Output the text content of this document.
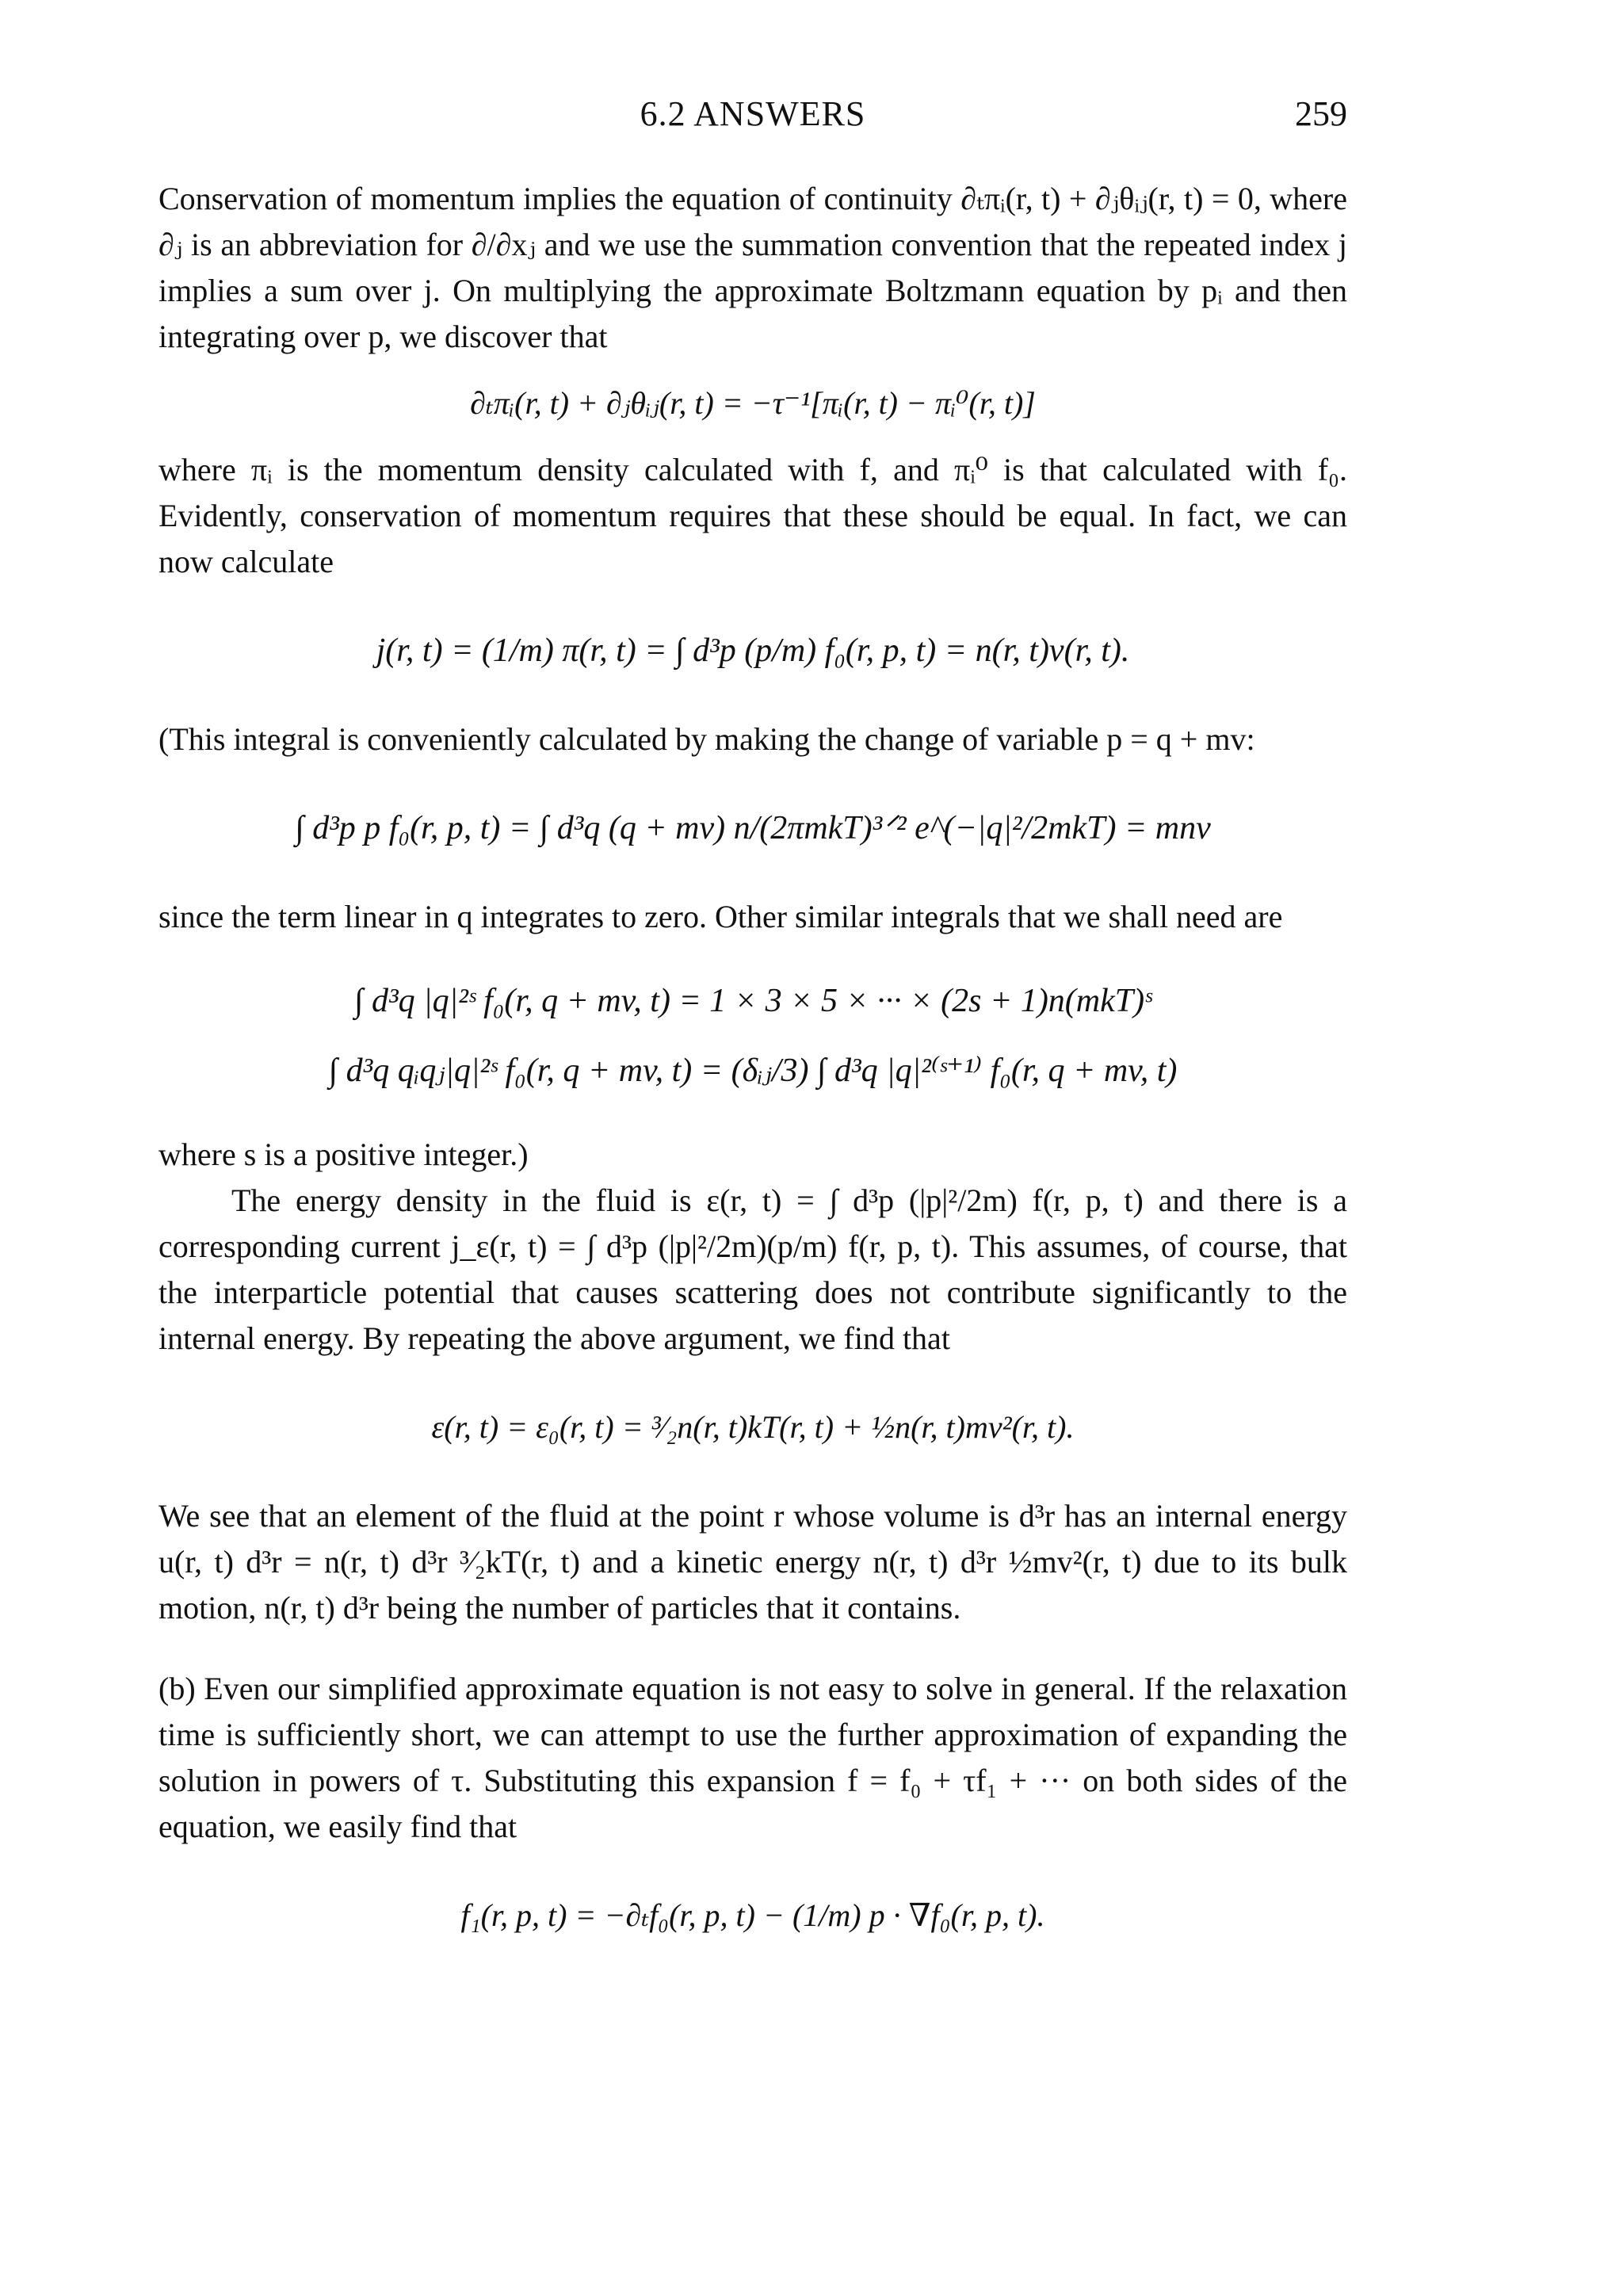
6.2 ANSWERS	259

Conservation of momentum implies the equation of continuity ∂ₜπᵢ(r, t) + ∂ⱼθᵢⱼ(r, t) = 0, where ∂ⱼ is an abbreviation for ∂/∂xⱼ and we use the summation convention that the repeated index j implies a sum over j. On multiplying the approximate Boltzmann equation by pᵢ and then integrating over p, we discover that

∂ₜπᵢ(r, t) + ∂ⱼθᵢⱼ(r, t) = −τ⁻¹[πᵢ(r, t) − πᵢ⁰(r, t)]

where πᵢ is the momentum density calculated with f, and πᵢ⁰ is that calculated with f₀. Evidently, conservation of momentum requires that these should be equal. In fact, we can now calculate

j(r, t) = (1/m) π(r, t) = ∫ d³p (p/m) f₀(r, p, t) = n(r, t)v(r, t).

(This integral is conveniently calculated by making the change of variable p = q + mv:

∫ d³p p f₀(r, p, t) = ∫ d³q (q + mv) n/(2πmkT)³ᐟ² e^(−|q|²/2mkT) = mnv

since the term linear in q integrates to zero. Other similar integrals that we shall need are

∫ d³q |q|²ˢ f₀(r, q + mv, t) = 1 × 3 × 5 × ··· × (2s + 1)n(mkT)ˢ
∫ d³q qᵢqⱼ|q|²ˢ f₀(r, q + mv, t) = (δᵢⱼ/3) ∫ d³q |q|²⁽ˢ⁺¹⁾ f₀(r, q + mv, t)

where s is a positive integer.)

The energy density in the fluid is ε(r, t) = ∫ d³p (|p|²/2m) f(r, p, t) and there is a corresponding current j_ε(r, t) = ∫ d³p (|p|²/2m)(p/m) f(r, p, t). This assumes, of course, that the interparticle potential that causes scattering does not contribute significantly to the internal energy. By repeating the above argument, we find that

ε(r, t) = ε₀(r, t) = ³⁄₂n(r, t)kT(r, t) + ½n(r, t)mv²(r, t).

We see that an element of the fluid at the point r whose volume is d³r has an internal energy u(r, t) d³r = n(r, t) d³r ³⁄₂kT(r, t) and a kinetic energy n(r, t) d³r ½mv²(r, t) due to its bulk motion, n(r, t) d³r being the number of particles that it contains.

(b) Even our simplified approximate equation is not easy to solve in general. If the relaxation time is sufficiently short, we can attempt to use the further approximation of expanding the solution in powers of τ. Substituting this expansion f = f₀ + τf₁ + ··· on both sides of the equation, we easily find that

f₁(r, p, t) = −∂ₜf₀(r, p, t) − (1/m) p · ∇f₀(r, p, t).
